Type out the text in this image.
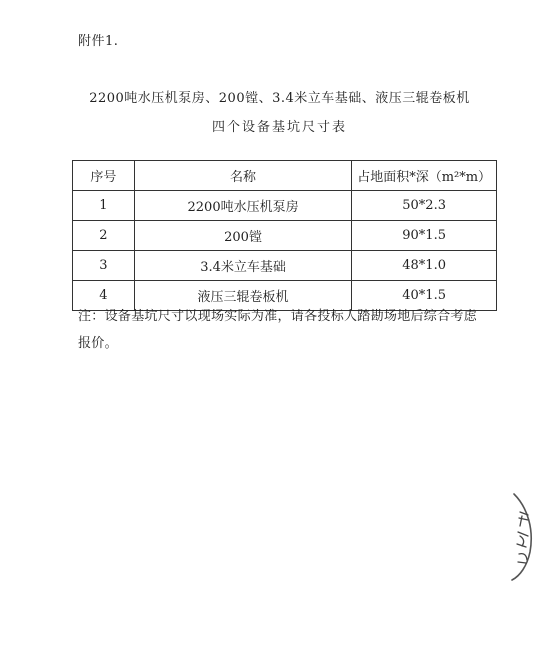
附件1.
2200吨水压机泵房、200镗、3.4米立车基础、液压三辊卷板机
四个设备基坑尺寸表
序号	名称	占地面积*深（m²*m）
1	2200吨水压机泵房	50*2.3
2	200镗	90*1.5
3	3.4米立车基础	48*1.0
4	液压三辊卷板机	40*1.5
注：设备基坑尺寸以现场实际为准，请各投标人踏勘场地后综合考虑报价。
